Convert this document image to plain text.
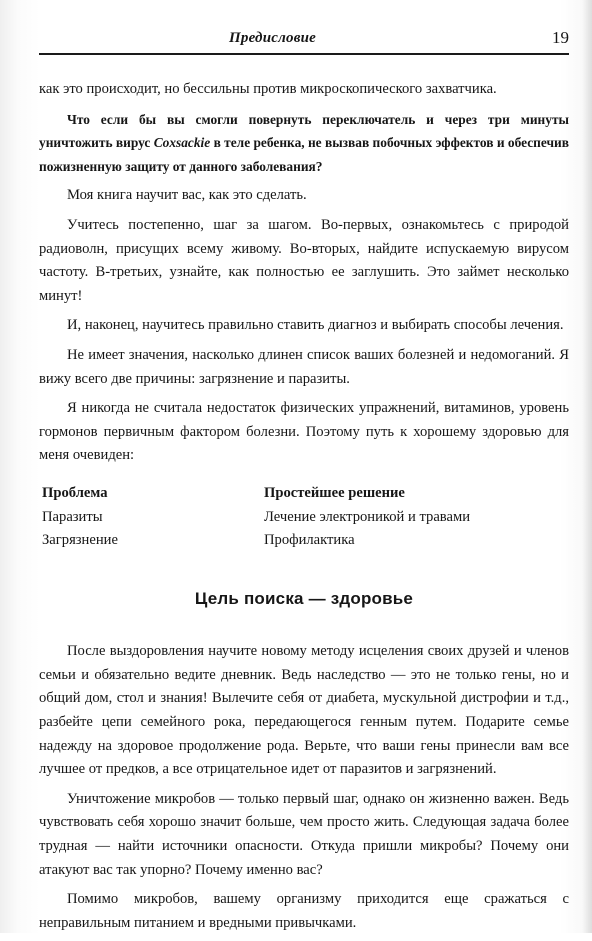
Предисловие	19

как это происходит, но бессильны против микроскопического захватчика.

Что если бы вы смогли повернуть переключатель и через три минуты уничтожить вирус Coxsackie в теле ребенка, не вызвав побочных эффектов и обеспечив пожизненную защиту от данного заболевания?

Моя книга научит вас, как это сделать.

Учитесь постепенно, шаг за шагом. Во-первых, ознакомьтесь с природой радиоволн, присущих всему живому. Во-вторых, найдите испускаемую вирусом частоту. В-третьих, узнайте, как полностью ее заглушить. Это займет несколько минут!

И, наконец, научитесь правильно ставить диагноз и выбирать способы лечения.

Не имеет значения, насколько длинен список ваших болезней и недомоганий. Я вижу всего две причины: загрязнение и паразиты.

Я никогда не считала недостаток физических упражнений, витаминов, уровень гормонов первичным фактором болезни. Поэтому путь к хорошему здоровью для меня очевиден:

Проблема	Простейшее решение
Паразиты	Лечение электроникой и травами
Загрязнение	Профилактика
Цель поиска — здоровье

После выздоровления научите новому методу исцеления своих друзей и членов семьи и обязательно ведите дневник. Ведь наследство — это не только гены, но и общий дом, стол и знания! Вылечите себя от диабета, мускульной дистрофии и т.д., разбейте цепи семейного рока, передающегося генным путем. Подарите семье надежду на здоровое продолжение рода. Верьте, что ваши гены принесли вам все лучшее от предков, а все отрицательное идет от паразитов и загрязнений.

Уничтожение микробов — только первый шаг, однако он жизненно важен. Ведь чувствовать себя хорошо значит больше, чем просто жить. Следующая задача более трудная — найти источники опасности. Откуда пришли микробы? Почему они атакуют вас так упорно? Почему именно вас?

Помимо микробов, вашему организму приходится еще сражаться с неправильным питанием и вредными привычками.
